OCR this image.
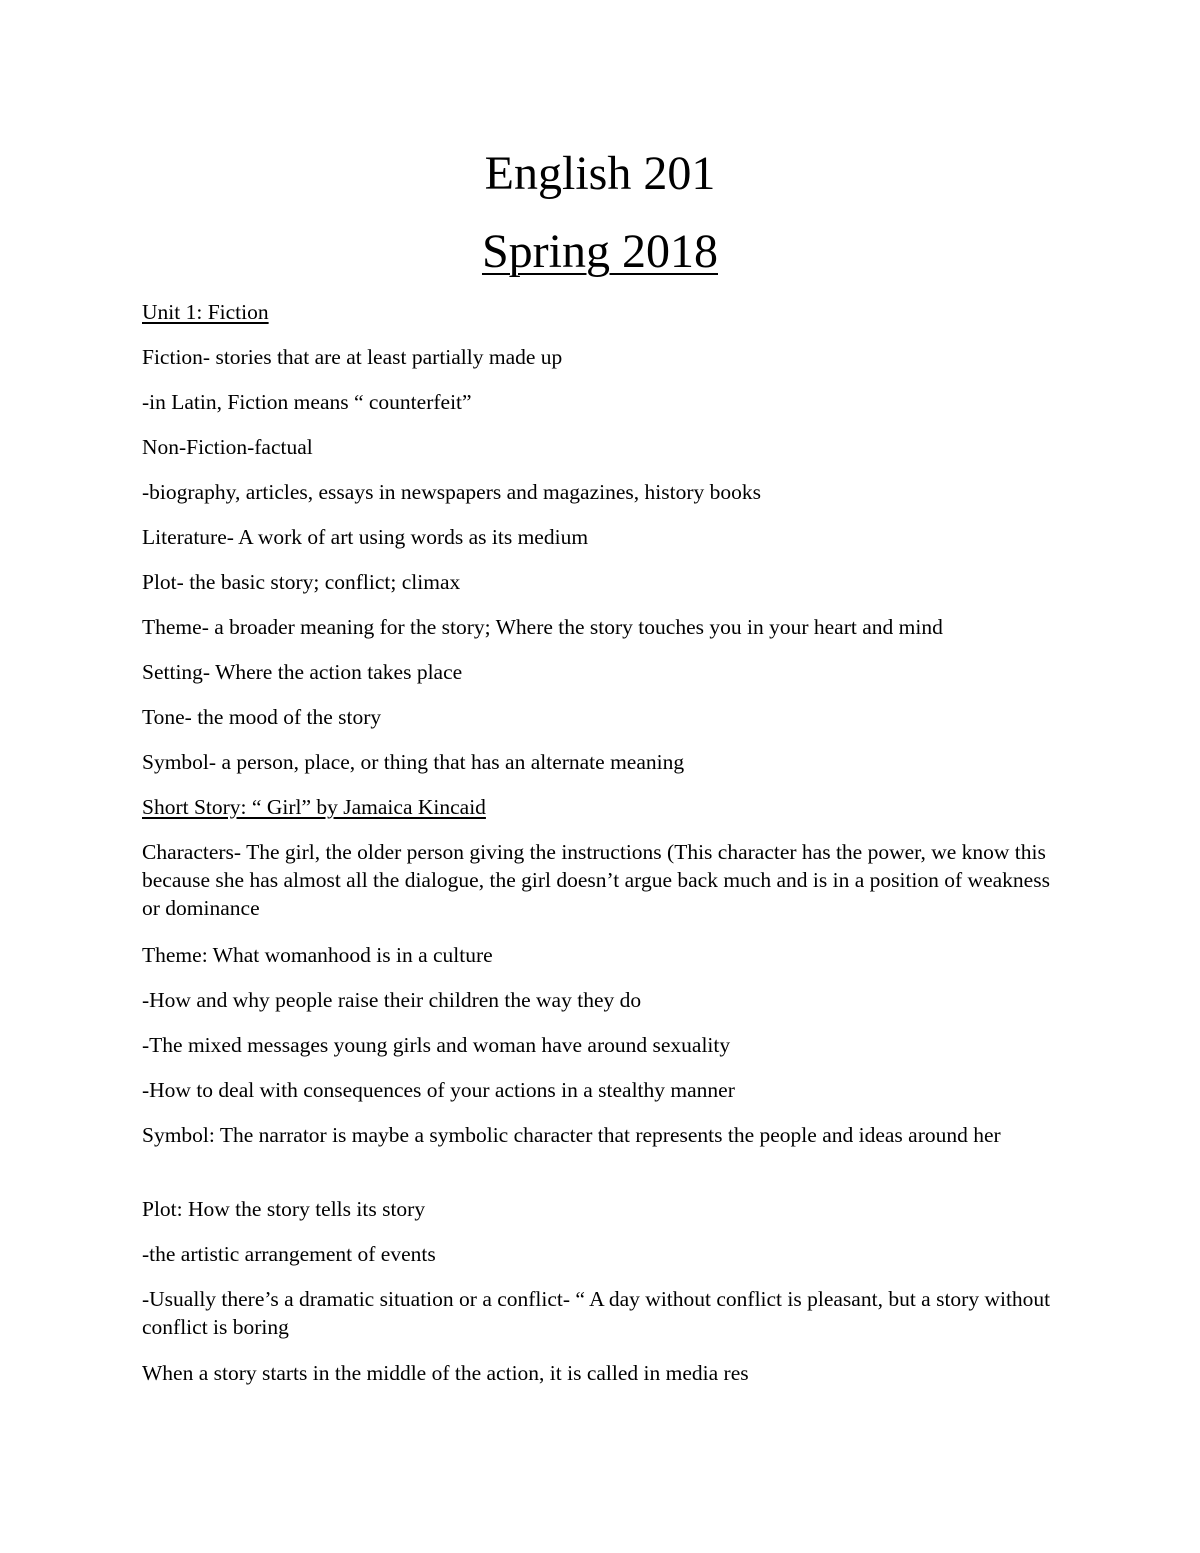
English 201
Spring 2018

Unit 1: Fiction

Fiction- stories that are at least partially made up

-in Latin, Fiction means “ counterfeit”

Non-Fiction-factual

-biography, articles, essays in newspapers and magazines, history books

Literature- A work of art using words as its medium

Plot- the basic story; conflict; climax

Theme- a broader meaning for the story; Where the story touches you in your heart and mind

Setting- Where the action takes place

Tone- the mood of the story

Symbol- a person, place, or thing that has an alternate meaning

Short Story: “ Girl” by Jamaica Kincaid

Characters- The girl, the older person giving the instructions (This character has the power, we know this because she has almost all the dialogue, the girl doesn’t argue back much and is in a position of weakness or dominance

Theme: What womanhood is in a culture

-How and why people raise their children the way they do

-The mixed messages young girls and woman have around sexuality

-How to deal with consequences of your actions in a stealthy manner

Symbol: The narrator is maybe a symbolic character that represents the people and ideas around her

Plot: How the story tells its story

-the artistic arrangement of events

-Usually there’s a dramatic situation or a conflict- “ A day without conflict is pleasant, but a story without conflict is boring

When a story starts in the middle of the action, it is called in media res
